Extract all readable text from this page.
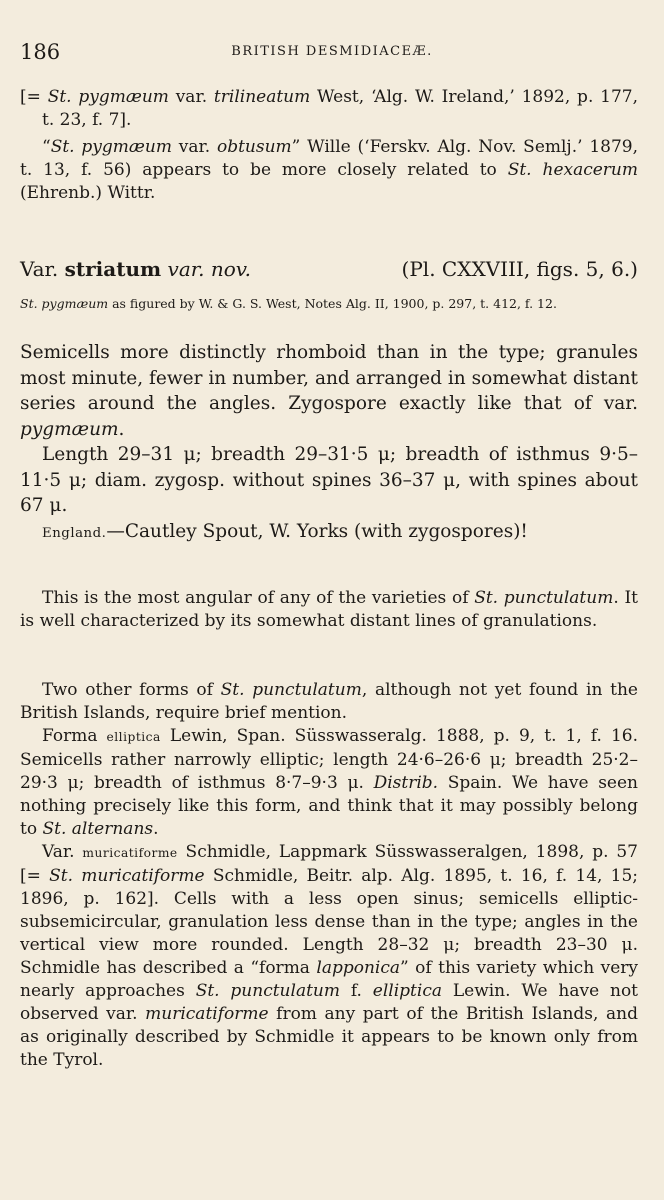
186	BRITISH DESMIDIACEÆ.

[= St. pygmæum var. trilineatum West, ‘Alg. W. Ireland,’ 1892, p. 177, t. 23, f. 7].

“St. pygmæum var. obtusum” Wille (‘Ferskv. Alg. Nov. Semlj.’ 1879, t. 13, f. 56) appears to be more closely related to St. hexacerum (Ehrenb.) Wittr.

Var. striatum var. nov.	(Pl. CXXVIII, figs. 5, 6.)

St. pygmæum as figured by W. & G. S. West, Notes Alg. II, 1900, p. 297, t. 412, f. 12.

Semicells more distinctly rhomboid than in the type; granules most minute, fewer in number, and arranged in somewhat distant series around the angles. Zygospore exactly like that of var. pygmæum.

Length 29–31 μ; breadth 29–31·5 μ; breadth of isthmus 9·5–11·5 μ; diam. zygosp. without spines 36–37 μ, with spines about 67 μ.

England.—Cautley Spout, W. Yorks (with zygospores)!

This is the most angular of any of the varieties of St. punctulatum. It is well characterized by its somewhat distant lines of granulations.

Two other forms of St. punctulatum, although not yet found in the British Islands, require brief mention.

Forma elliptica Lewin, Span. Süsswasseralg. 1888, p. 9, t. 1, f. 16. Semicells rather narrowly elliptic; length 24·6–26·6 μ; breadth 25·2–29·3 μ; breadth of isthmus 8·7–9·3 μ. Distrib. Spain. We have seen nothing precisely like this form, and think that it may possibly belong to St. alternans.

Var. muricatiforme Schmidle, Lappmark Süsswasseralgen, 1898, p. 57 [= St. muricatiforme Schmidle, Beitr. alp. Alg. 1895, t. 16, f. 14, 15; 1896, p. 162]. Cells with a less open sinus; semicells elliptic-subsemicircular, granulation less dense than in the type; angles in the vertical view more rounded. Length 28–32 μ; breadth 23–30 μ. Schmidle has described a “forma lapponica” of this variety which very nearly approaches St. punctulatum f. elliptica Lewin. We have not observed var. muricatiforme from any part of the British Islands, and as originally described by Schmidle it appears to be known only from the Tyrol.
